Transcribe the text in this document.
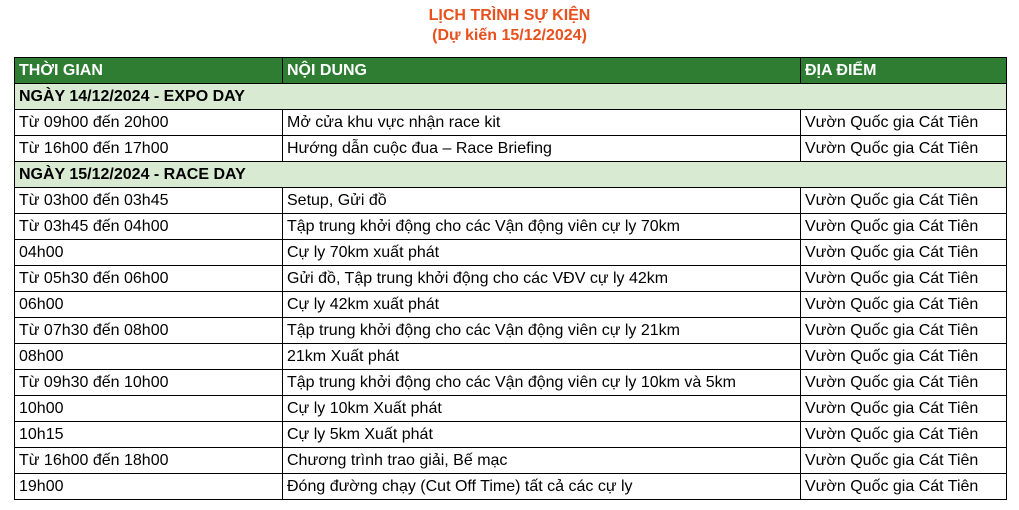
LỊCH TRÌNH SỰ KIỆN
(Dự kiến 15/12/2024)
THỜI GIAN	NỘI DUNG	ĐỊA ĐIỂM
NGÀY 14/12/2024 - EXPO DAY		
Từ 09h00 đến 20h00	Mở cửa khu vực nhận race kit	Vườn Quốc gia Cát Tiên
Từ 16h00 đến 17h00	Hướng dẫn cuộc đua – Race Briefing	Vườn Quốc gia Cát Tiên
NGÀY 15/12/2024 - RACE DAY		
Từ 03h00 đến 03h45	Setup, Gửi đồ	Vườn Quốc gia Cát Tiên
Từ 03h45 đến 04h00	Tập trung khởi động cho các Vận động viên cự ly 70km	Vườn Quốc gia Cát Tiên
04h00	Cự ly 70km xuất phát	Vườn Quốc gia Cát Tiên
Từ 05h30 đến 06h00	Gửi đồ, Tập trung khởi động cho các VĐV cự ly 42km	Vườn Quốc gia Cát Tiên
06h00	Cự ly 42km xuất phát	Vườn Quốc gia Cát Tiên
Từ 07h30 đến 08h00	Tập trung khởi động cho các Vận động viên cự ly 21km	Vườn Quốc gia Cát Tiên
08h00	21km Xuất phát	Vườn Quốc gia Cát Tiên
Từ 09h30 đến 10h00	Tập trung khởi động cho các Vận động viên cự ly 10km và 5km	Vườn Quốc gia Cát Tiên
10h00	Cự ly 10km Xuất phát	Vườn Quốc gia Cát Tiên
10h15	Cự ly 5km Xuất phát	Vườn Quốc gia Cát Tiên
Từ 16h00 đến 18h00	Chương trình trao giải, Bế mạc	Vườn Quốc gia Cát Tiên
19h00	Đóng đường chạy (Cut Off Time) tất cả các cự ly	Vườn Quốc gia Cát Tiên
